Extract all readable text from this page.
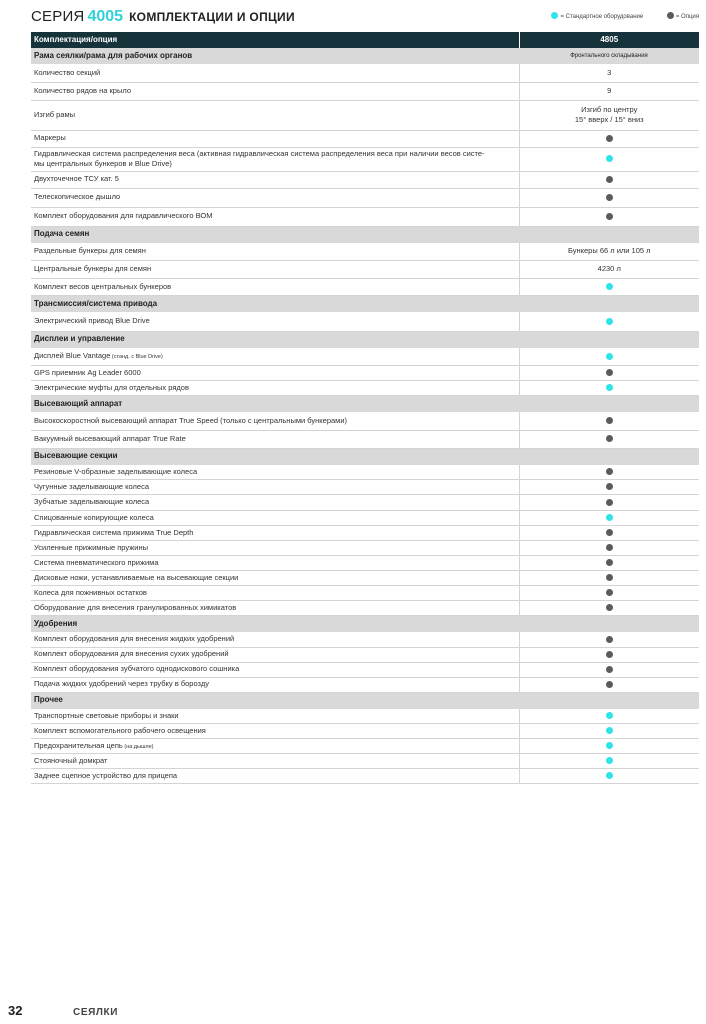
СЕРИЯ 4005 КОМПЛЕКТАЦИИ И ОПЦИИ	= Стандартное оборудование	= Опция
Комплектация/опция	4805
Рама сеялки/рама для рабочих органов	Фронтального складывания
Количество секций	3
Количество рядов на крыло	9
Изгиб рамы	Изгиб по центру
15° вверх / 15° вниз
Маркеры	
Гидравлическая система распределения веса (активная гидравлическая система распределения веса при наличии весов систе-
мы центральных бункеров и Blue Drive)	
Двухточечное ТСУ кат. 5	
Телескопическое дышло	
Комплект оборудования для гидравлического ВОМ	
Подача семян	
Раздельные бункеры для семян	Бункеры 66 л или 105 л
Центральные бункеры для семян	4230 л
Комплект весов центральных бункеров	
Трансмиссия/система привода	
Электрический привод Blue Drive	
Дисплеи и управление	
Дисплей Blue Vantage (станд. с Blue Drive)	
GPS приемник Ag Leader 6000	
Электрические муфты для отдельных рядов	
Высевающий аппарат	
Высокоскоростной высевающий аппарат True Speed (только с центральными бункерами)	
Вакуумный высевающий аппарат True Rate	
Высевающие секции	
Резиновые V-образные заделывающие колеса	
Чугунные заделывающие колеса	
Зубчатые заделывающие колеса	
Спицованные копирующие колеса	
Гидравлическая система прижима True Depth	
Усиленные прижимные пружины	
Система пневматического прижима	
Дисковые ножи, устанавливаемые на высевающие секции	
Колеса для пожнивных остатков	
Оборудование для внесения гранулированных химикатов	
Удобрения	
Комплект оборудования для внесения жидких удобрений	
Комплект оборудования для внесения сухих удобрений	
Комплект оборудования зубчатого однодискового сошника	
Подача жидких удобрений через трубку в борозду	
Прочее	
Транспортные световые приборы и знаки	
Комплект вспомогательного рабочего освещения	
Предохранительная цепь (на дышле)	
Стояночный домкрат	
Заднее сцепное устройство для прицепа	
32	СЕЯЛКИ
